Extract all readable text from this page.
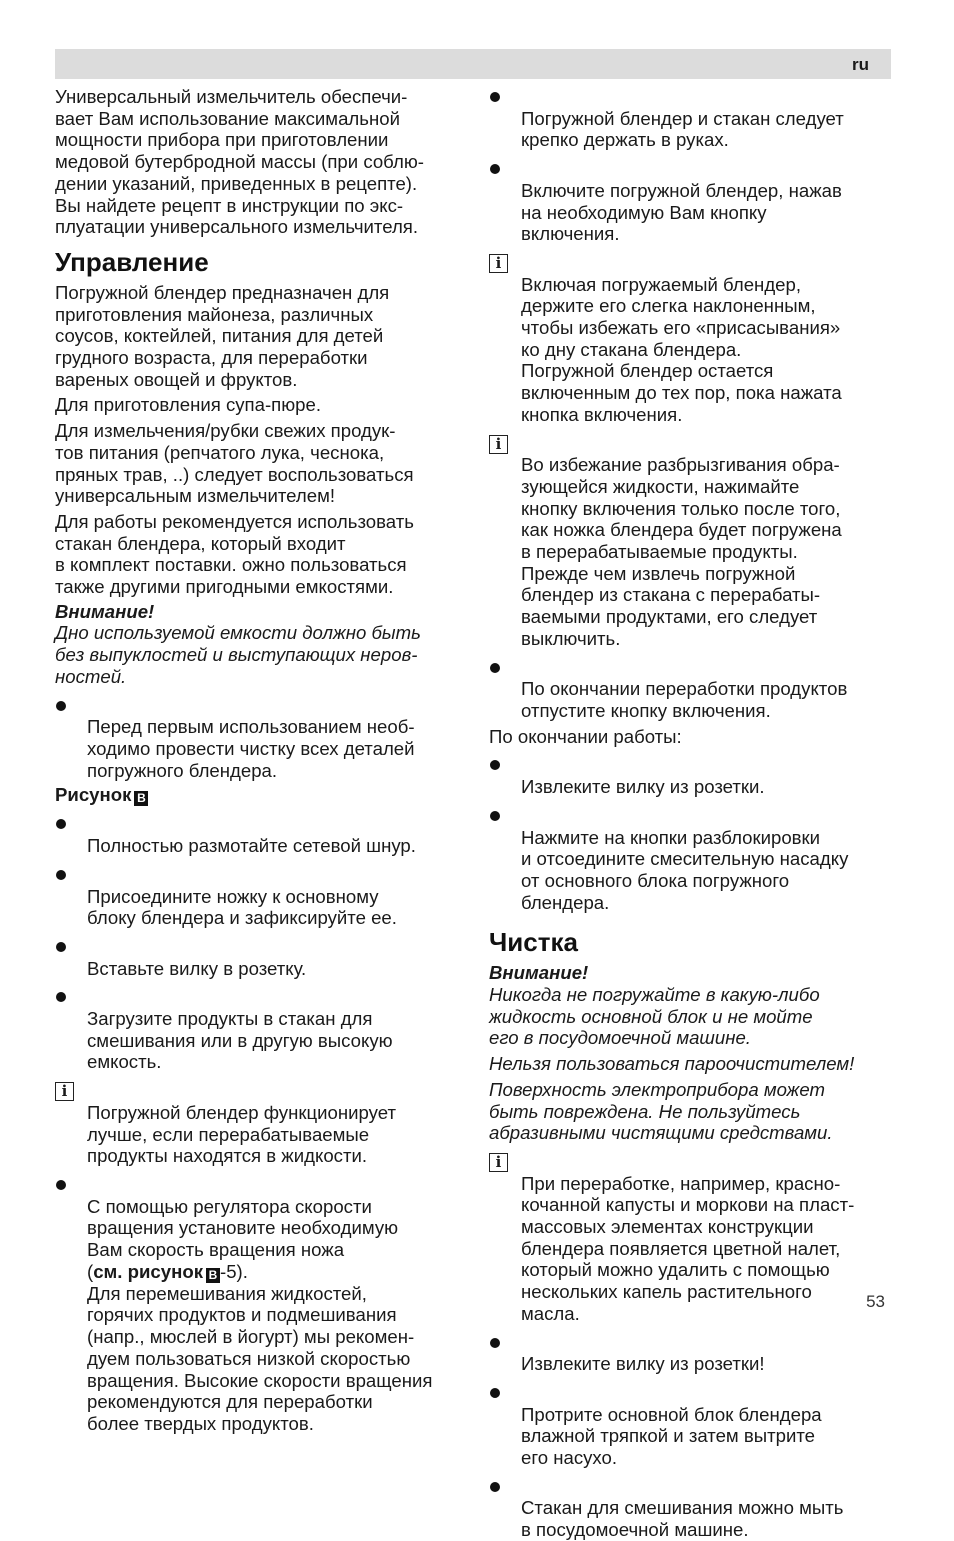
ru

Универсальный измельчитель обеспечи-
вает Вам использование максимальной
мощности прибора при приготовлении
медовой бутербродной массы (при соблю-
дении указаний, приведенных в рецепте).
Вы найдете рецепт в инструкции по экс-
плуатации универсального измельчителя.

Управление

Погружной блендер предназначен для
приготовления майонеза, различных
соусов, коктейлей, питания для детей
грудного возраста, для переработки
вареных овощей и фруктов.

Для приготовления супа-пюре.

Для измельчения/рубки свежих продук-
тов питания (репчатого лука, чеснока,
пряных трав, ..) следует воспользоваться
универсальным измельчителем!

Для работы рекомендуется использовать
стакан блендера, который входит
в комплект поставки. ожно пользоваться
также другими пригодными емкостями.

Внимание!

Дно используемой емкости должно быть
без выпуклостей и выступающих неров-
ностей.

Перед первым использованием необ-
ходимо провести чистку всех деталей
погружного блендера.

Рисунок B

Полностью размотайте сетевой шнур.

Присоедините ножку к основному
блоку блендера и зафиксируйте ее.

Вставьте вилку в розетку.

Загрузите продукты в стакан для
смешивания или в другую высокую
емкость.

i
Погружной блендер функционирует
лучше, если перерабатываемые
продукты находятся в жидкости.

С помощью регулятора скорости
вращения установите необходимую
Вам скорость вращения ножа
(см. рисунок B -5).
Для перемешивания жидкостей,
горячих продуктов и подмешивания
(напр., мюслей в йогурт) мы рекомен-
дуем пользоваться низкой скоростью
вращения. Высокие скорости вращения
рекомендуются для переработки
более твердых продуктов.

Погружной блендер и стакан следует
крепко держать в руках.

Включите погружной блендер, нажав
на необходимую Вам кнопку
включения.

i
Включая погружаемый блендер,
держите его слегка наклоненным,
чтобы избежать его «присасывания»
ко дну стакана блендера.
Погружной блендер остается
включенным до тех пор, пока нажата
кнопка включения.

i
Во избежание разбрызгивания обра-
зующейся жидкости, нажимайте
кнопку включения только после того,
как ножка блендера будет погружена
в перерабатываемые продукты.
Прежде чем извлечь погружной
блендер из стакана с перерабаты-
ваемыми продуктами, его следует
выключить.

По окончании переработки продуктов
отпустите кнопку включения.

По окончании работы:

Извлеките вилку из розетки.

Нажмите на кнопки разблокировки
и отсоедините смесительную насадку
от основного блока погружного
блендера.

Чистка

Внимание!

Никогда не погружайте в какую-либо
жидкость основной блок и не мойте
его в посудомоечной машине.

Нельзя пользоваться пароочистителем!

Поверхность электроприбора может
быть повреждена. Не пользуйтесь
абразивными чистящими средствами.

i
При переработке, например, красно-
кочанной капусты и моркови на пласт-
массовых элементах конструкции
блендера появляется цветной налет,
который можно удалить с помощью
нескольких капель растительного
масла.

Извлеките вилку из розетки!

Протрите основной блок блендера
влажной тряпкой и затем вытрите
его насухо.

Стакан для смешивания можно мыть
в посудомоечной машине.

53
